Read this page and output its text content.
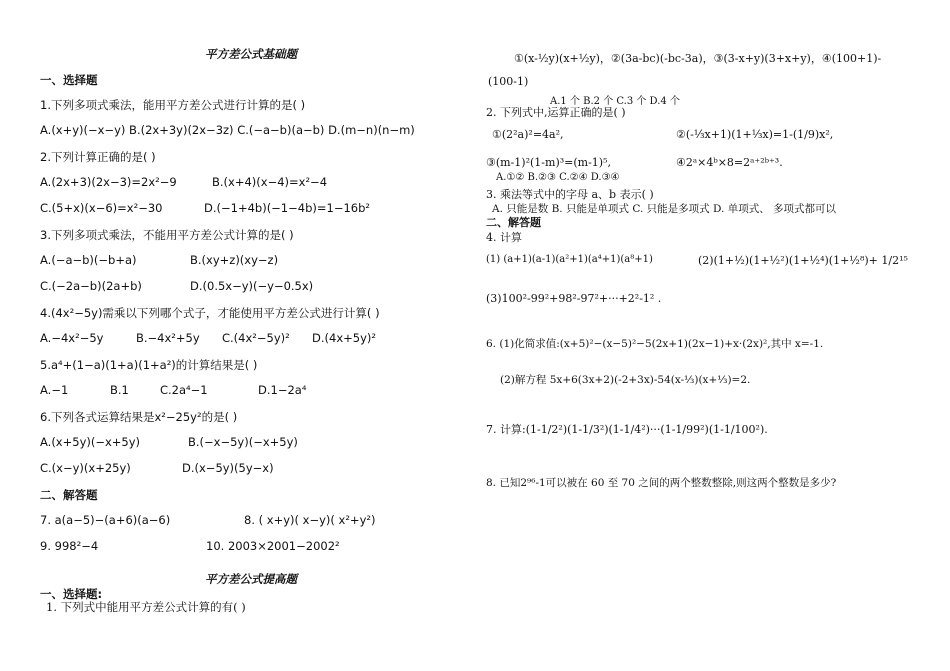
平方差公式基础题
一、选择题
1.下列多项式乘法，能用平方差公式进行计算的是( )
A.(x+y)(−x−y) B.(2x+3y)(2x−3z) C.(−a−b)(a−b) D.(m−n)(n−m)
2.下列计算正确的是( )
A.(2x+3)(2x−3)=2x²−9	B.(x+4)(x−4)=x²−4
C.(5+x)(x−6)=x²−30	D.(−1+4b)(−1−4b)=1−16b²
3.下列多项式乘法，不能用平方差公式计算的是( )
A.(−a−b)(−b+a)	B.(xy+z)(xy−z)
C.(−2a−b)(2a+b)	D.(0.5x−y)(−y−0.5x)
4.(4x²−5y)需乘以下列哪个式子，才能使用平方差公式进行计算( )
A.−4x²−5y	B.−4x²+5y C.(4x²−5y)² D.(4x+5y)²
5.a⁴+(1−a)(1+a)(1+a²)的计算结果是( )
A.−1	B.1	C.2a⁴−1	D.1−2a⁴
6.下列各式运算结果是x²−25y²的是( )
A.(x+5y)(−x+5y)	B.(−x−5y)(−x+5y)
C.(x−y)(x+25y)	D.(x−5y)(5y−x)
二、解答题
7. a(a−5)−(a+6)(a−6)	8. ( x+y)( x−y)( x²+y²)
9. 998²−4	10. 2003×2001−2002²
平方差公式提高题
一、选择题:
1. 下列式中能用平方差公式计算的有( )
①(x-½y)(x+½y)，②(3a-bc)(-bc-3a)，③(3-x+y)(3+x+y)，④(100+1)-
(100-1)
A.1 个 B.2 个 C.3 个 D.4 个
2. 下列式中,运算正确的是( )
①(2²a)²=4a²,	②(-⅓x+1)(1+⅓x)=1-(1/9)x²,
③(m-1)²(1-m)³=(m-1)⁵,	④2ᵃ×4ᵇ×8=2ᵃ⁺²ᵇ⁺³.
A.①② B.②③ C.②④ D.③④
3. 乘法等式中的字母 a、b 表示( )
A. 只能是数 B. 只能是单项式 C. 只能是多项式 D. 单项式、 多项式都可以
二、解答题
4. 计算
(1) (a+1)(a-1)(a²+1)(a⁴+1)(a⁸+1)	(2)(1+½)(1+½²)(1+½⁴)(1+½⁸)+ 1/2¹⁵
(3)100²-99²+98²-97²+···+2²-1² .
6. (1)化简求值:(x+5)²−(x−5)²−5(2x+1)(2x−1)+x·(2x)²,其中 x=-1.
(2)解方程 5x+6(3x+2)(-2+3x)-54(x-⅓)(x+⅓)=2.
7. 计算:(1-1/2²)(1-1/3²)(1-1/4²)···(1-1/99²)(1-1/100²).
8. 已知2⁹⁶-1可以被在 60 至 70 之间的两个整数整除,则这两个整数是多少?
